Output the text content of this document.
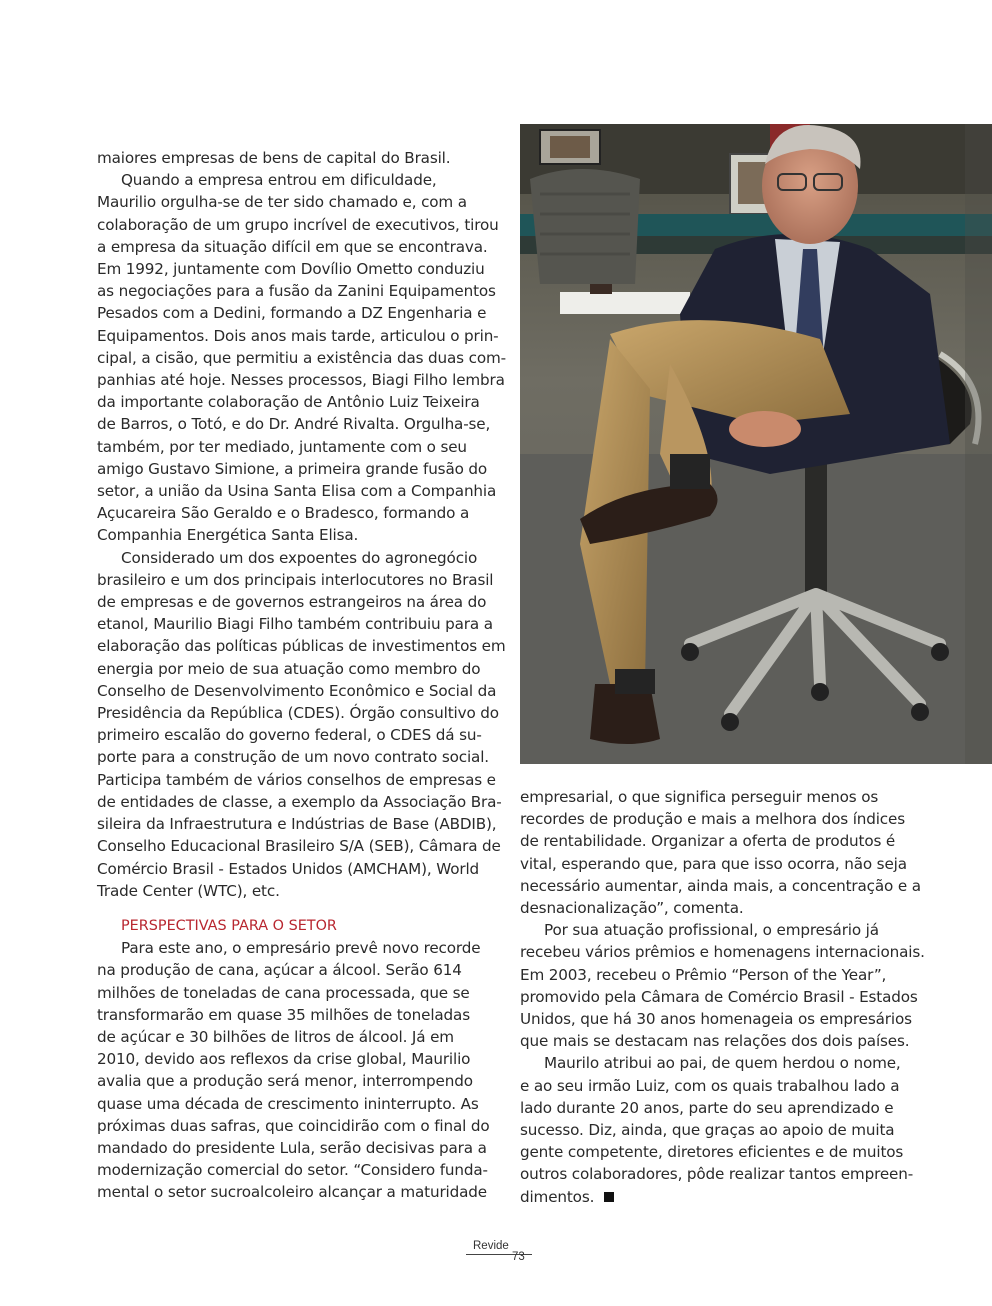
maiores empresas de bens de capital do Brasil.
Quando a empresa entrou em dificuldade,
Maurilio orgulha-se de ter sido chamado e, com a
colaboração de um grupo incrível de executivos, tirou
a empresa da situação difícil em que se encontrava.
Em 1992, juntamente com Dovílio Ometto conduziu
as negociações para a fusão da Zanini Equipamentos
Pesados com a Dedini, formando a DZ Engenharia e
Equipamentos. Dois anos mais tarde, articulou o prin-
cipal, a cisão, que permitiu a existência das duas com-
panhias até hoje. Nesses processos, Biagi Filho lembra
da importante colaboração de Antônio Luiz Teixeira
de Barros, o Totó, e do Dr. André Rivalta. Orgulha-se,
também, por ter mediado, juntamente com o seu
amigo Gustavo Simione, a primeira grande fusão do
setor, a união da Usina Santa Elisa com a Companhia
Açucareira São Geraldo e o Bradesco, formando a
Companhia Energética Santa Elisa.
Considerado um dos expoentes do agronegócio
brasileiro e um dos principais interlocutores no Brasil
de empresas e de governos estrangeiros na área do
etanol, Maurilio Biagi Filho também contribuiu para a
elaboração das políticas públicas de investimentos em
energia por meio de sua atuação como membro do
Conselho de Desenvolvimento Econômico e Social da
Presidência da República (CDES). Órgão consultivo do
primeiro escalão do governo federal, o CDES dá su-
porte para a construção de um novo contrato social.
Participa também de vários conselhos de empresas e
de entidades de classe, a exemplo da Associação Bra-
sileira da Infraestrutura e Indústrias de Base (ABDIB),
Conselho Educacional Brasileiro S/A (SEB), Câmara de
Comércio Brasil - Estados Unidos (AMCHAM), World
Trade Center (WTC), etc.
PERSPECTIVAS PARA O SETOR
Para este ano, o empresário prevê novo recorde
na produção de cana, açúcar a álcool. Serão 614
milhões de toneladas de cana processada, que se
transformarão em quase 35 milhões de toneladas
de açúcar e 30 bilhões de litros de álcool. Já em
2010, devido aos reflexos da crise global, Maurilio
avalia que a produção será menor, interrompendo
quase uma década de crescimento ininterrupto. As
próximas duas safras, que coincidirão com o final do
mandado do presidente Lula, serão decisivas para a
modernização comercial do setor. “Considero funda-
mental o setor sucroalcoleiro alcançar a maturidade
empresarial, o que significa perseguir menos os
recordes de produção e mais a melhora dos índices
de rentabilidade. Organizar a oferta de produtos é
vital, esperando que, para que isso ocorra, não seja
necessário aumentar, ainda mais, a concentração e a
desnacionalização”, comenta.
Por sua atuação profissional, o empresário já
recebeu vários prêmios e homenagens internacionais.
Em 2003, recebeu o Prêmio “Person of the Year”,
promovido pela Câmara de Comércio Brasil - Estados
Unidos, que há 30 anos homenageia os empresários
que mais se destacam nas relações dos dois países.
Maurilo atribui ao pai, de quem herdou o nome,
e ao seu irmão Luiz, com os quais trabalhou lado a
lado durante 20 anos, parte do seu aprendizado e
sucesso. Diz, ainda, que graças ao apoio de muita
gente competente, diretores eficientes e de muitos
outros colaboradores, pôde realizar tantos empreen-
dimentos.
Revide
73
